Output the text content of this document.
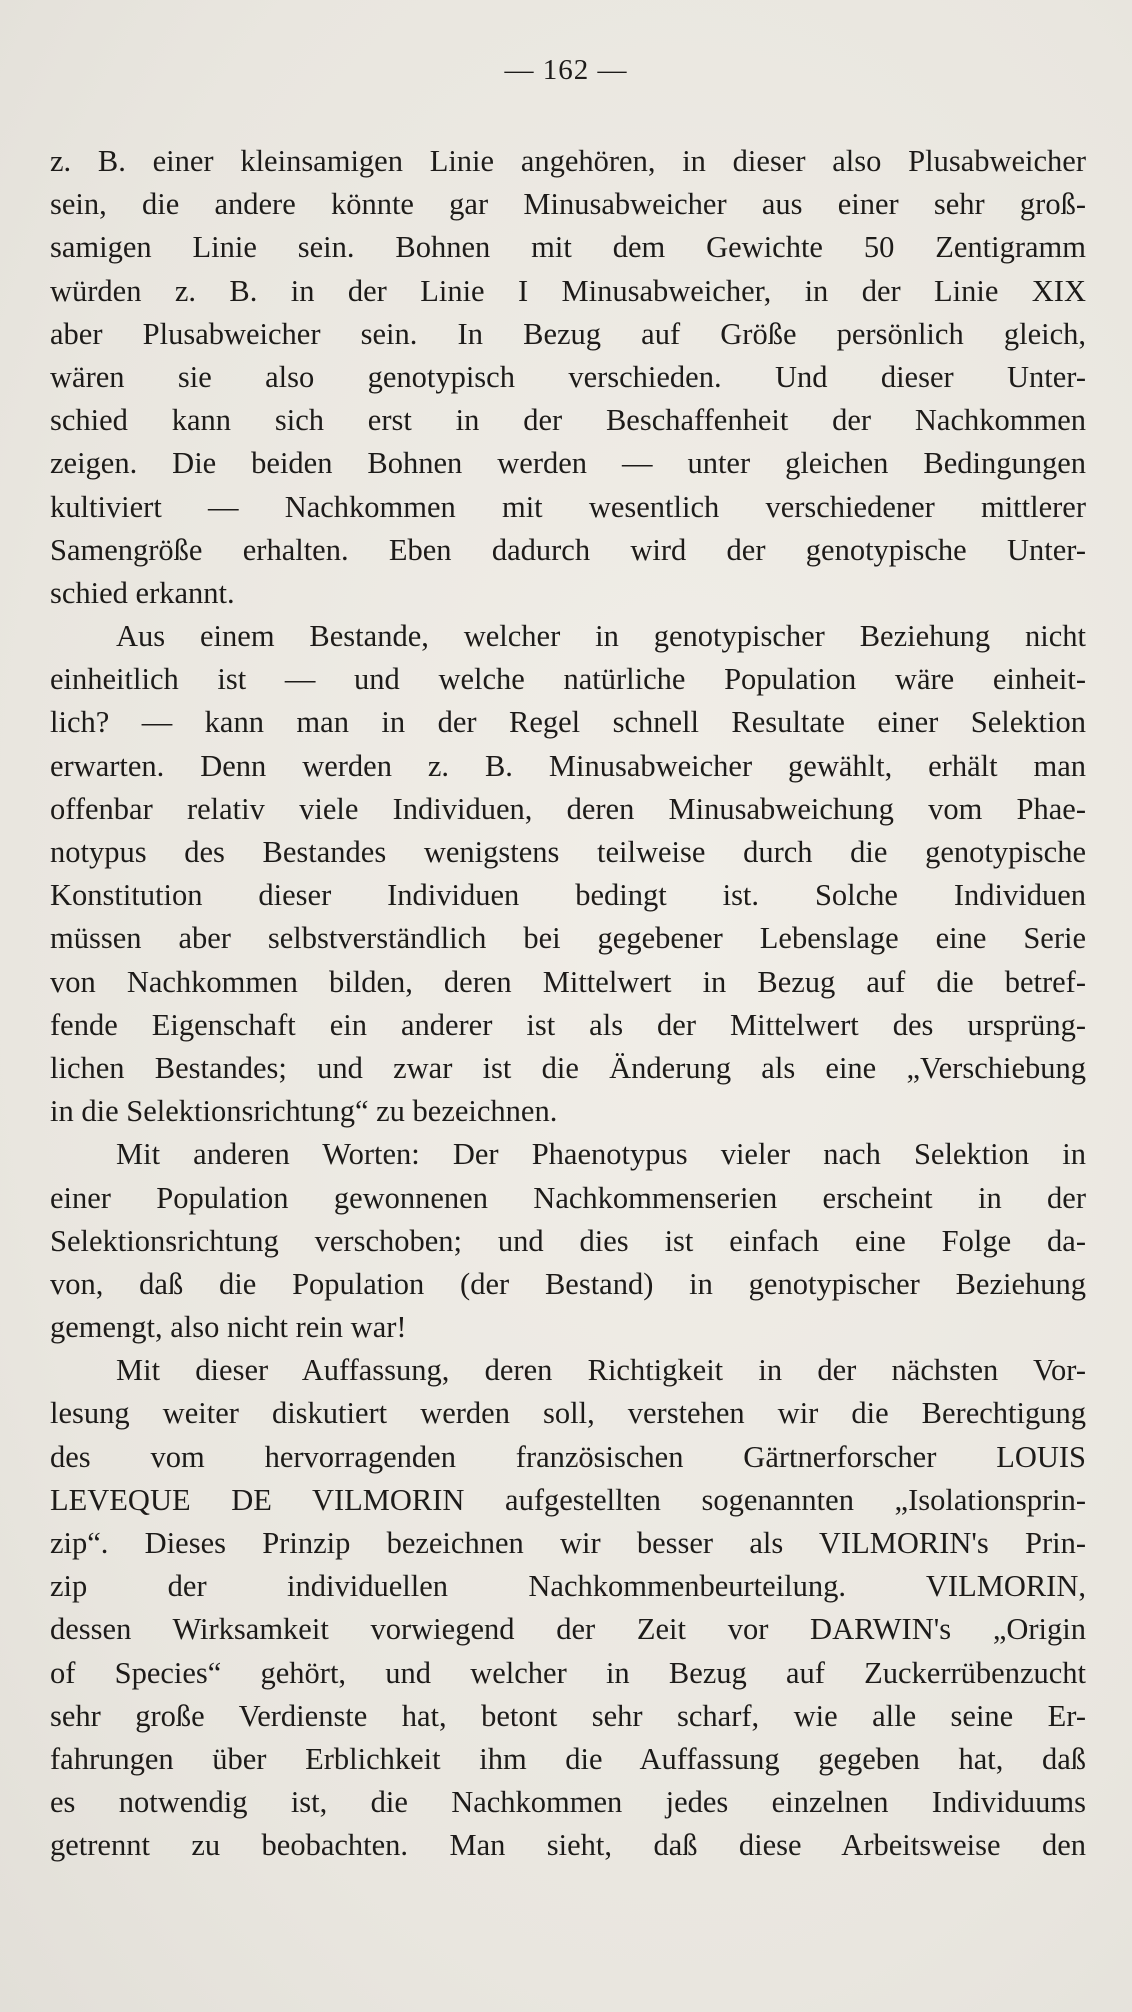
— 162 —
z. B. einer kleinsamigen Linie angehören, in dieser also Plusabweicher
sein, die andere könnte gar Minusabweicher aus einer sehr groß-
samigen Linie sein. Bohnen mit dem Gewichte 50 Zentigramm
würden z. B. in der Linie I Minusabweicher, in der Linie XIX
aber Plusabweicher sein. In Bezug auf Größe persönlich gleich,
wären sie also genotypisch verschieden. Und dieser Unter-
schied kann sich erst in der Beschaffenheit der Nachkommen
zeigen. Die beiden Bohnen werden — unter gleichen Bedingungen
kultiviert — Nachkommen mit wesentlich verschiedener mittlerer
Samengröße erhalten. Eben dadurch wird der genotypische Unter-
schied erkannt.
Aus einem Bestande, welcher in genotypischer Beziehung nicht
einheitlich ist — und welche natürliche Population wäre einheit-
lich? — kann man in der Regel schnell Resultate einer Selektion
erwarten. Denn werden z. B. Minusabweicher gewählt, erhält man
offenbar relativ viele Individuen, deren Minusabweichung vom Phae-
notypus des Bestandes wenigstens teilweise durch die genotypische
Konstitution dieser Individuen bedingt ist. Solche Individuen
müssen aber selbstverständlich bei gegebener Lebenslage eine Serie
von Nachkommen bilden, deren Mittelwert in Bezug auf die betref-
fende Eigenschaft ein anderer ist als der Mittelwert des ursprüng-
lichen Bestandes; und zwar ist die Änderung als eine „Verschiebung
in die Selektionsrichtung“ zu bezeichnen.
Mit anderen Worten: Der Phaenotypus vieler nach Selektion in
einer Population gewonnenen Nachkommenserien erscheint in der
Selektionsrichtung verschoben; und dies ist einfach eine Folge da-
von, daß die Population (der Bestand) in genotypischer Beziehung
gemengt, also nicht rein war!
Mit dieser Auffassung, deren Richtigkeit in der nächsten Vor-
lesung weiter diskutiert werden soll, verstehen wir die Berechtigung
des vom hervorragenden französischen Gärtnerforscher LOUIS
LEVEQUE DE VILMORIN aufgestellten sogenannten „Isolationsprin-
zip“. Dieses Prinzip bezeichnen wir besser als VILMORIN's Prin-
zip der individuellen Nachkommenbeurteilung. VILMORIN,
dessen Wirksamkeit vorwiegend der Zeit vor DARWIN's „Origin
of Species“ gehört, und welcher in Bezug auf Zuckerrübenzucht
sehr große Verdienste hat, betont sehr scharf, wie alle seine Er-
fahrungen über Erblichkeit ihm die Auffassung gegeben hat, daß
es notwendig ist, die Nachkommen jedes einzelnen Individuums
getrennt zu beobachten. Man sieht, daß diese Arbeitsweise den
